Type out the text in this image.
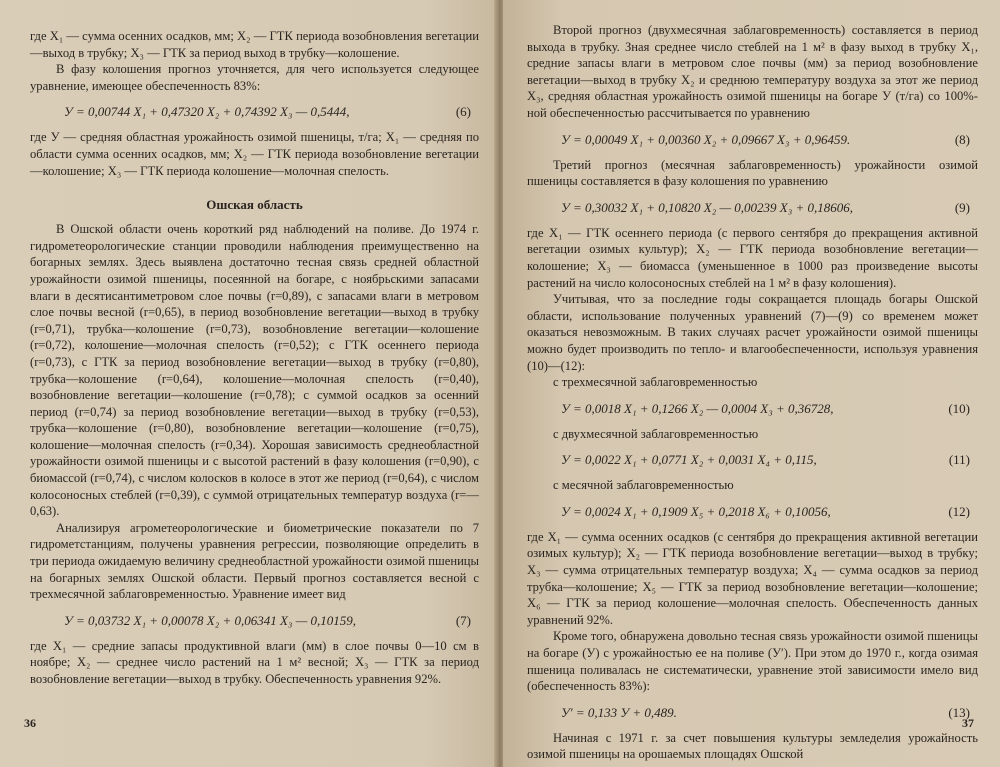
где X₁ — сумма осенних осадков, мм; X₂ — ГТК периода возобновления вегетации—выход в трубку; X₃ — ГТК за период выход в трубку—колошение.

В фазу колошения прогноз уточняется, для чего используется следующее уравнение, имеющее обеспеченность 83%:

У = 0,00744 X₁ + 0,47320 X₂ + 0,74392 X₃ — 0,5444,	(6)

где У — средняя областная урожайность озимой пшеницы, т/га; X₁ — средняя по области сумма осенних осадков, мм; X₂ — ГТК периода возобновление вегетации—колошение; X₃ — ГТК периода колошение—молочная спелость.

Ошская область

В Ошской области очень короткий ряд наблюдений на поливе. До 1974 г. гидрометеорологические станции проводили наблюдения преимущественно на богарных землях. Здесь выявлена достаточно тесная связь средней областной урожайности озимой пшеницы, посеянной на богаре, с ноябрьскими запасами влаги в десятисантиметровом слое почвы (r=0,89), с запасами влаги в метровом слое почвы весной (r=0,65), в период возобновление вегетации—выход в трубку (r=0,71), трубка—колошение (r=0,73), возобновление вегетации—колошение (r=0,72), колошение—молочная спелость (r=0,52); с ГТК осеннего периода (r=0,73), с ГТК за период возобновление вегетации—выход в трубку (r=0,80), трубка—колошение (r=0,64), колошение—молочная спелость (r=0,40), возобновление вегетации—колошение (r=0,78); с суммой осадков за осенний период (r=0,74) за период возобновление вегетации—выход в трубку (r=0,53), трубка—колошение (r=0,80), возобновление вегетации—колошение (r=0,75), колошение—молочная спелость (r=0,34). Хорошая зависимость среднеобластной урожайности озимой пшеницы и с высотой растений в фазу колошения (r=0,90), с биомассой (r=0,74), с числом колосков в колосе в этот же период (r=0,64), с числом колосоносных стеблей (r=0,39), с суммой отрицательных температур воздуха (r=—0,63).

Анализируя агрометеорологические и биометрические показатели по 7 гидрометстанциям, получены уравнения регрессии, позволяющие определить в три периода ожидаемую величину среднеобластной урожайности озимой пшеницы на богарных землях Ошской области. Первый прогноз составляется весной с трехмесячной заблаговременностью. Уравнение имеет вид

У = 0,03732 X₁ + 0,00078 X₂ + 0,06341 X₃ — 0,10159,	(7)

где X₁ — средние запасы продуктивной влаги (мм) в слое почвы 0—10 см в ноябре; X₂ — среднее число растений на 1 м² весной; X₃ — ГТК за период возобновление вегетации—выход в трубку. Обеспеченность уравнения 92%.

36

Второй прогноз (двухмесячная заблаговременность) составляется в период выхода в трубку. Зная среднее число стеблей на 1 м² в фазу выход в трубку X₁, средние запасы влаги в метровом слое почвы (мм) за период возобновление вегетации—выход в трубку X₂ и среднюю температуру воздуха за этот же период X₃, средняя областная урожайность озимой пшеницы на богаре У (т/га) со 100%-ной обеспеченностью рассчитывается по уравнению

У = 0,00049 X₁ + 0,00360 X₂ + 0,09667 X₃ + 0,96459.	(8)

Третий прогноз (месячная заблаговременность) урожайности озимой пшеницы составляется в фазу колошения по уравнению

У = 0,30032 X₁ + 0,10820 X₂ — 0,00239 X₃ + 0,18606,	(9)

где X₁ — ГТК осеннего периода (с первого сентября до прекращения активной вегетации озимых культур); X₂ — ГТК периода возобновление вегетации—колошение; X₃ — биомасса (уменьшенное в 1000 раз произведение высоты растений на число колосоносных стеблей на 1 м² в фазу колошения).

Учитывая, что за последние годы сокращается площадь богары Ошской области, использование полученных уравнений (7)—(9) со временем может оказаться невозможным. В таких случаях расчет урожайности озимой пшеницы можно будет производить по тепло- и влагообеспеченности, используя уравнения (10)—(12):

с трехмесячной заблаговременностью

У = 0,0018 X₁ + 0,1266 X₂ — 0,0004 X₃ + 0,36728,	(10)

с двухмесячной заблаговременностью

У = 0,0022 X₁ + 0,0771 X₂ + 0,0031 X₄ + 0,115,	(11)

с месячной заблаговременностью

У = 0,0024 X₁ + 0,1909 X₅ + 0,2018 X₆ + 0,10056,	(12)

где X₁ — сумма осенних осадков (с сентября до прекращения активной вегетации озимых культур); X₂ — ГТК периода возобновление вегетации—выход в трубку; X₃ — сумма отрицательных температур воздуха; X₄ — сумма осадков за период трубка—колошение; X₅ — ГТК за период возобновление вегетации—колошение; X₆ — ГТК за период колошение—молочная спелость. Обеспеченность данных уравнений 92%.

Кроме того, обнаружена довольно тесная связь урожайности озимой пшеницы на богаре (У) с урожайностью ее на поливе (У′). При этом до 1970 г., когда озимая пшеница поливалась не систематически, уравнение этой зависимости имело вид (обеспеченность 83%):

У′ = 0,133 У + 0,489.	(13)

Начиная с 1971 г. за счет повышения культуры земледелия урожайность озимой пшеницы на орошаемых площадях Ошской

37
